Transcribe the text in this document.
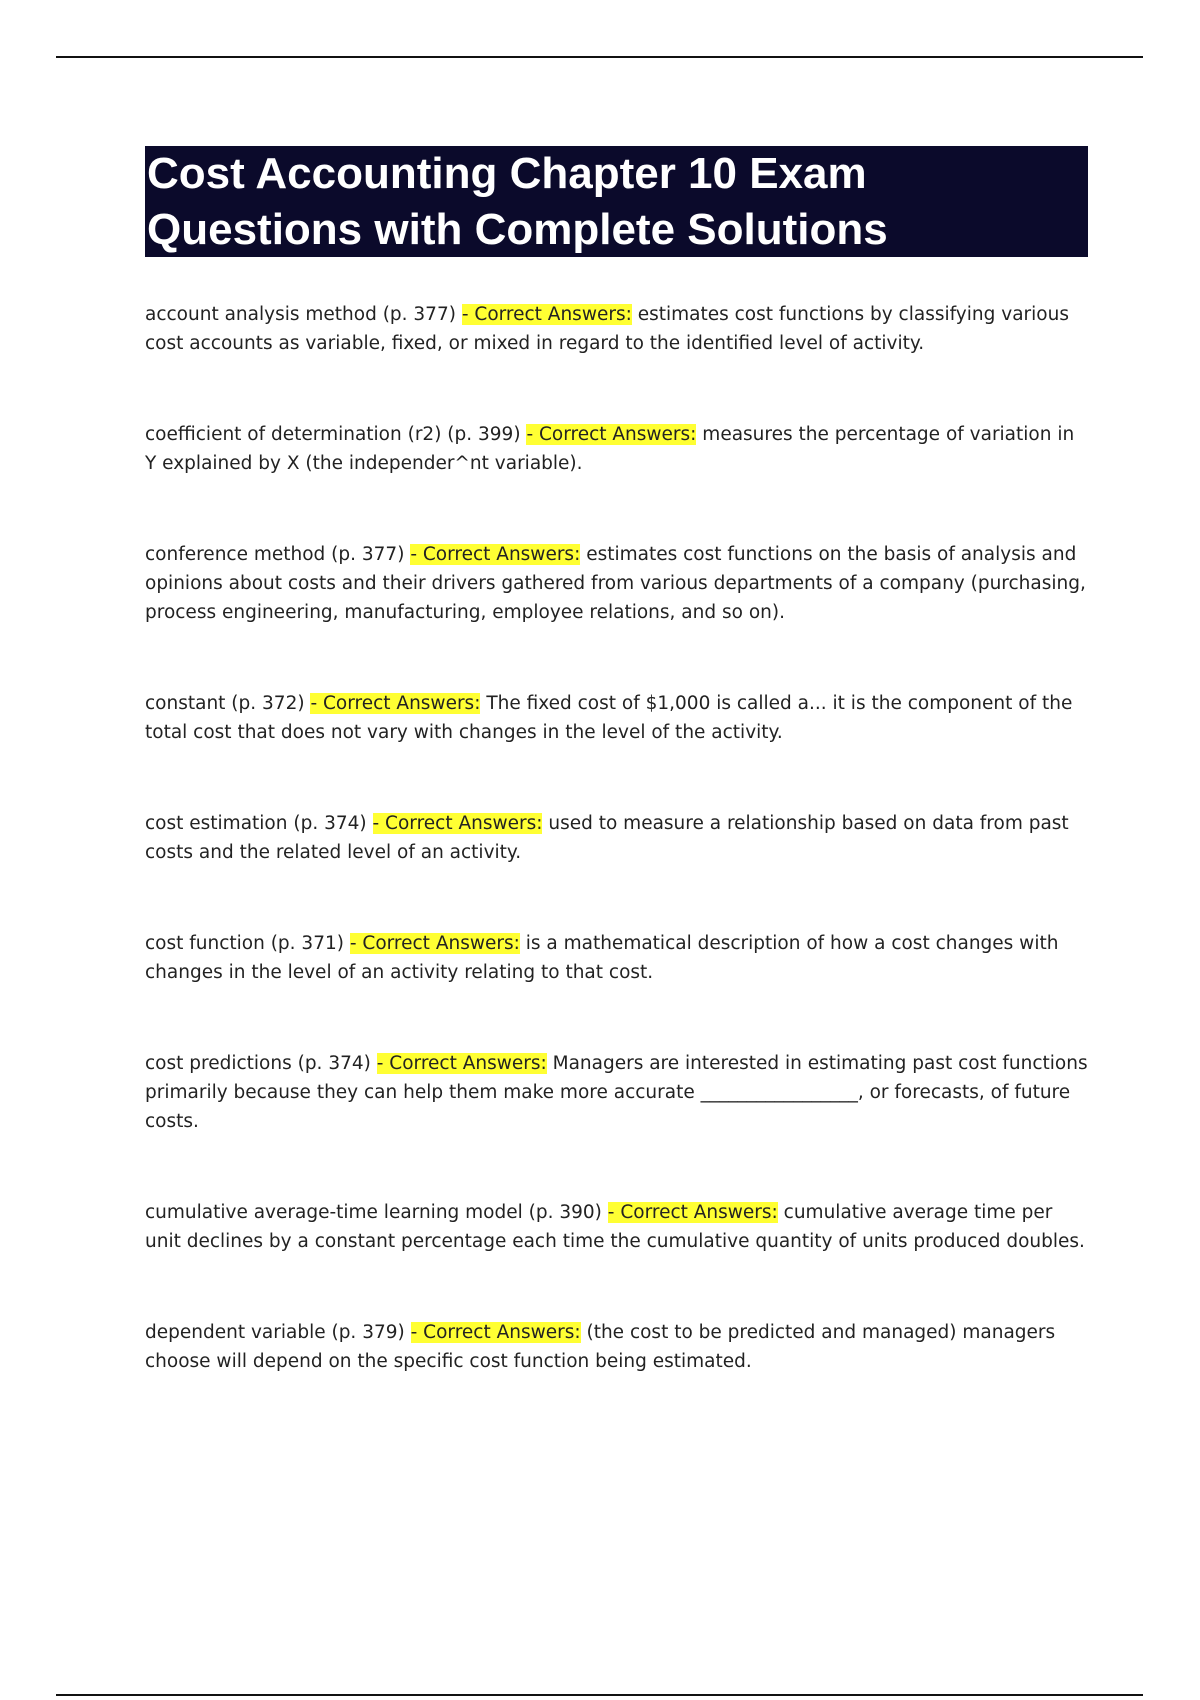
Cost Accounting Chapter 10 Exam Questions with Complete Solutions

account analysis method (p. 377) - Correct Answers: estimates cost functions by classifying various cost accounts as variable, fixed, or mixed in regard to the identified level of activity.

coefficient of determination (r2) (p. 399) - Correct Answers: measures the percentage of variation in Y explained by X (the independer^nt variable).

conference method (p. 377) - Correct Answers: estimates cost functions on the basis of analysis and opinions about costs and their drivers gathered from various departments of a company (purchasing, process engineering, manufacturing, employee relations, and so on).

constant (p. 372) - Correct Answers: The fixed cost of $1,000 is called a... it is the component of the total cost that does not vary with changes in the level of the activity.

cost estimation (p. 374) - Correct Answers: used to measure a relationship based on data from past costs and the related level of an activity.

cost function (p. 371) - Correct Answers: is a mathematical description of how a cost changes with changes in the level of an activity relating to that cost.

cost predictions (p. 374) - Correct Answers: Managers are interested in estimating past cost functions primarily because they can help them make more accurate _________________, or forecasts, of future costs.

cumulative average-time learning model (p. 390) - Correct Answers: cumulative average time per unit declines by a constant percentage each time the cumulative quantity of units produced doubles.

dependent variable (p. 379) - Correct Answers: (the cost to be predicted and managed) managers choose will depend on the specific cost function being estimated.
